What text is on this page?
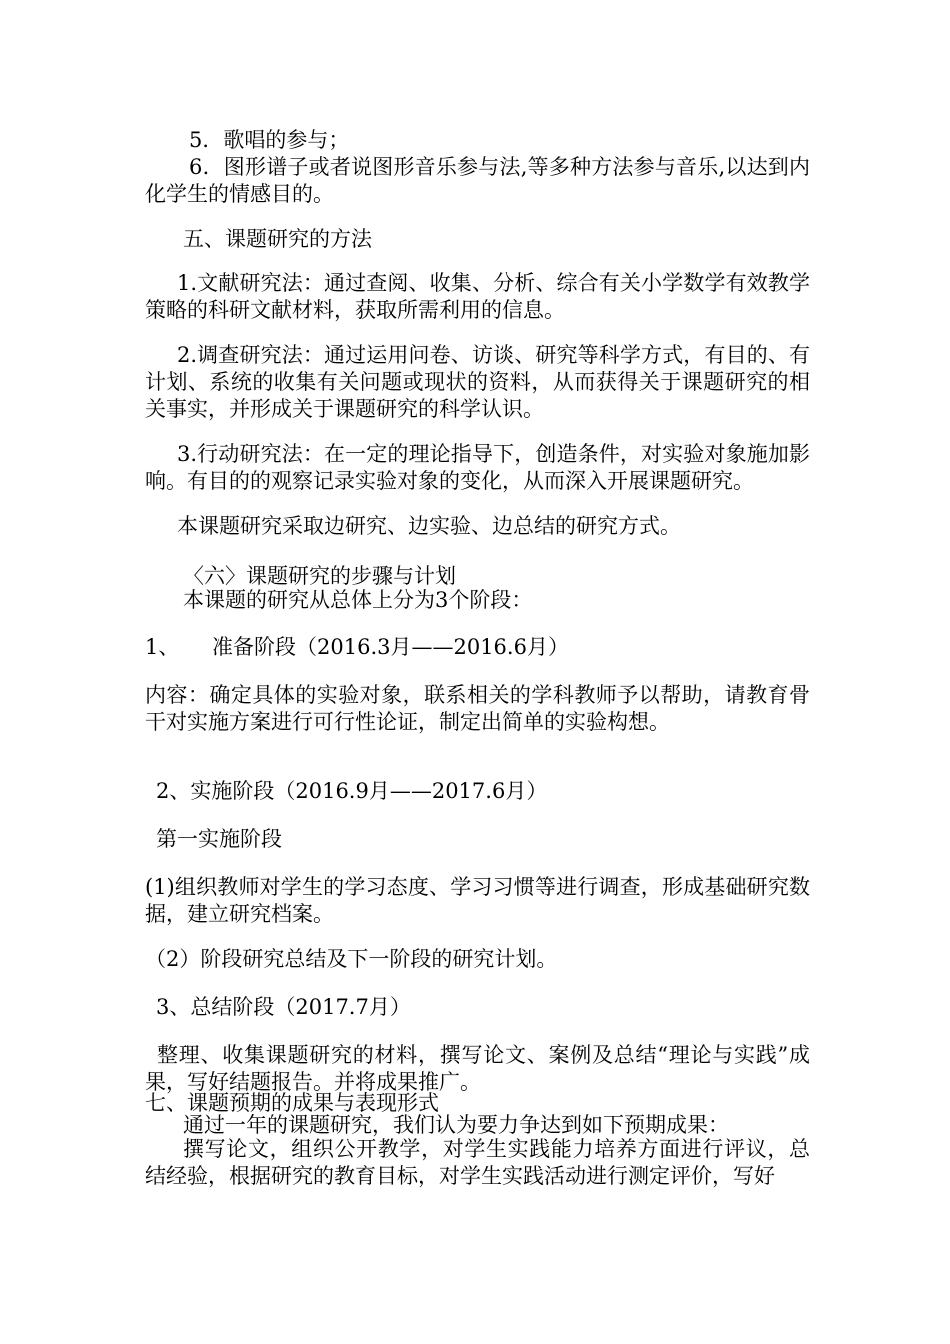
5．歌唱的参与；

6．图形谱子或者说图形音乐参与法,等多种方法参与音乐,以达到内化学生的情感目的。

五、课题研究的方法

1.文献研究法：通过查阅、收集、分析、综合有关小学数学有效教学策略的科研文献材料，获取所需利用的信息。

2.调查研究法：通过运用问卷、访谈、研究等科学方式，有目的、有计划、系统的收集有关问题或现状的资料，从而获得关于课题研究的相关事实，并形成关于课题研究的科学认识。

3.行动研究法：在一定的理论指导下，创造条件，对实验对象施加影响。有目的的观察记录实验对象的变化，从而深入开展课题研究。

本课题研究采取边研究、边实验、边总结的研究方式。

〈六〉课题研究的步骤与计划

本课题的研究从总体上分为3个阶段：

1、 准备阶段（2016.3月——2016.6月）

内容：确定具体的实验对象，联系相关的学科教师予以帮助，请教育骨干对实施方案进行可行性论证，制定出简单的实验构想。

2、实施阶段（2016.9月——2017.6月）

第一实施阶段

(1)组织教师对学生的学习态度、学习习惯等进行调查，形成基础研究数据，建立研究档案。

（2）阶段研究总结及下一阶段的研究计划。

3、总结阶段（2017.7月）

整理、收集课题研究的材料，撰写论文、案例及总结“理论与实践”成果，写好结题报告。并将成果推广。

七、课题预期的成果与表现形式

通过一年的课题研究，我们认为要力争达到如下预期成果：

撰写论文，组织公开教学，对学生实践能力培养方面进行评议，总结经验，根据研究的教育目标，对学生实践活动进行测定评价，写好
